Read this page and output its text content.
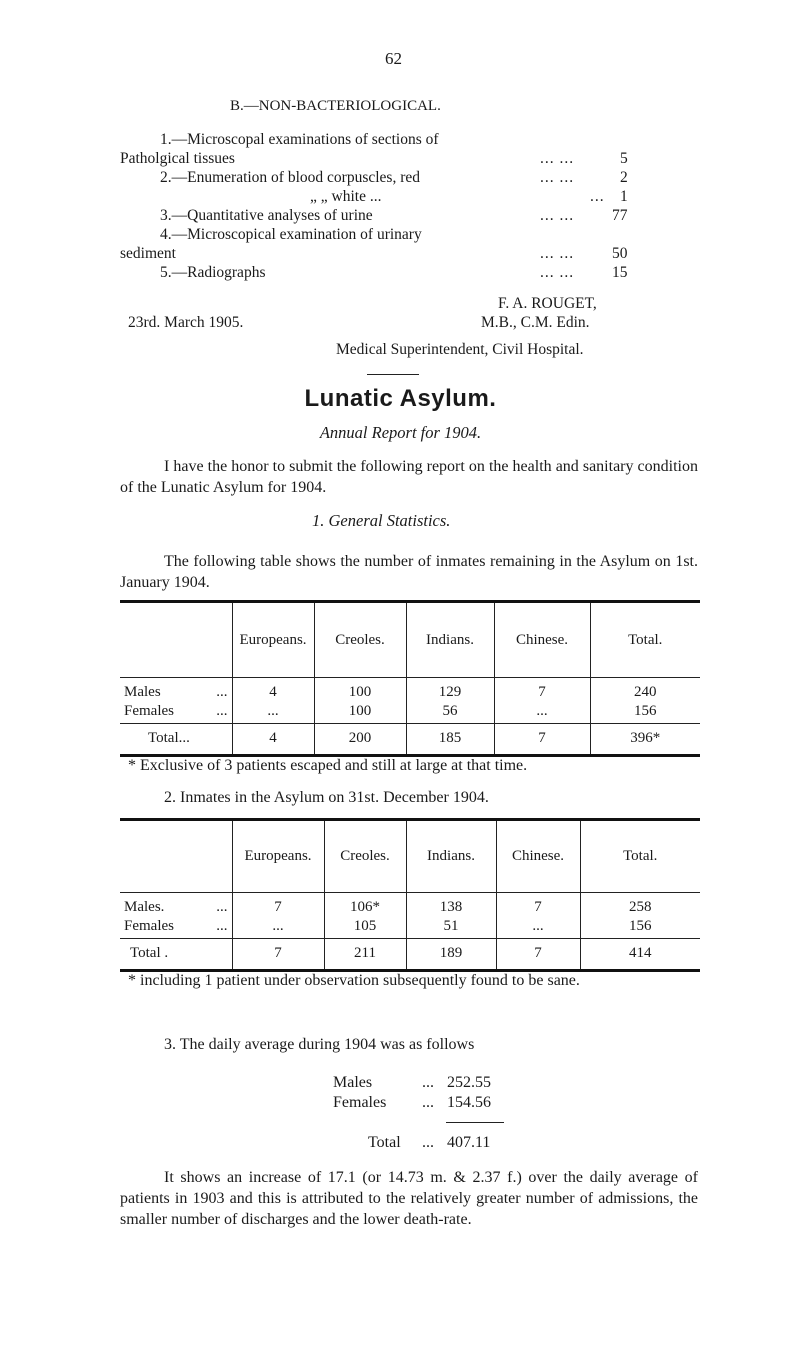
62
B.—NON-BACTERIOLOGICAL.
1.—Microscopal examinations of sections of
Patholgical tissues	... ...	5
2.—Enumeration of blood corpuscles, red	... ...	2
„ „ white ...	... 1
3.—Quantitative analyses of urine	... ... 77
4.—Microscopical examination of urinary
sediment	... ... 50
5.—Radiographs	... ... 15
F. A. ROUGET,
23rd. March 1905.	M.B., C.M. Edin.
Medical Superintendent, Civil Hospital.
Lunatic Asylum.
Annual Report for 1904.
I have the honor to submit the following report on the health and sanitary condition of the Lunatic Asylum for 1904.
1. General Statistics.
The following table shows the number of inmates remaining in the Asylum on 1st. January 1904.
	Europeans.	Creoles.	Indians.	Chinese.	Total.
Males ...	4	100	129	7	240
Females ...	...	100	56	...	156
Total...	4	200	185	7	396*
* Exclusive of 3 patients escaped and still at large at that time.
2. Inmates in the Asylum on 31st. December 1904.
	Europeans.	Creoles.	Indians.	Chinese.	Total.
Males. ...	7	106*	138	7	258
Females ...	...	105	51	...	156
Total .	7	211	189	7	414
* including 1 patient under observation subsequently found to be sane.
3. The daily average during 1904 was as follows
Males	... 252.55
Females ... 154.56
Total ... 407.11
It shows an increase of 17.1 (or 14.73 m. & 2.37 f.) over the daily average of patients in 1903 and this is attributed to the relatively greater number of admissions, the smaller number of discharges and the lower death-rate.
